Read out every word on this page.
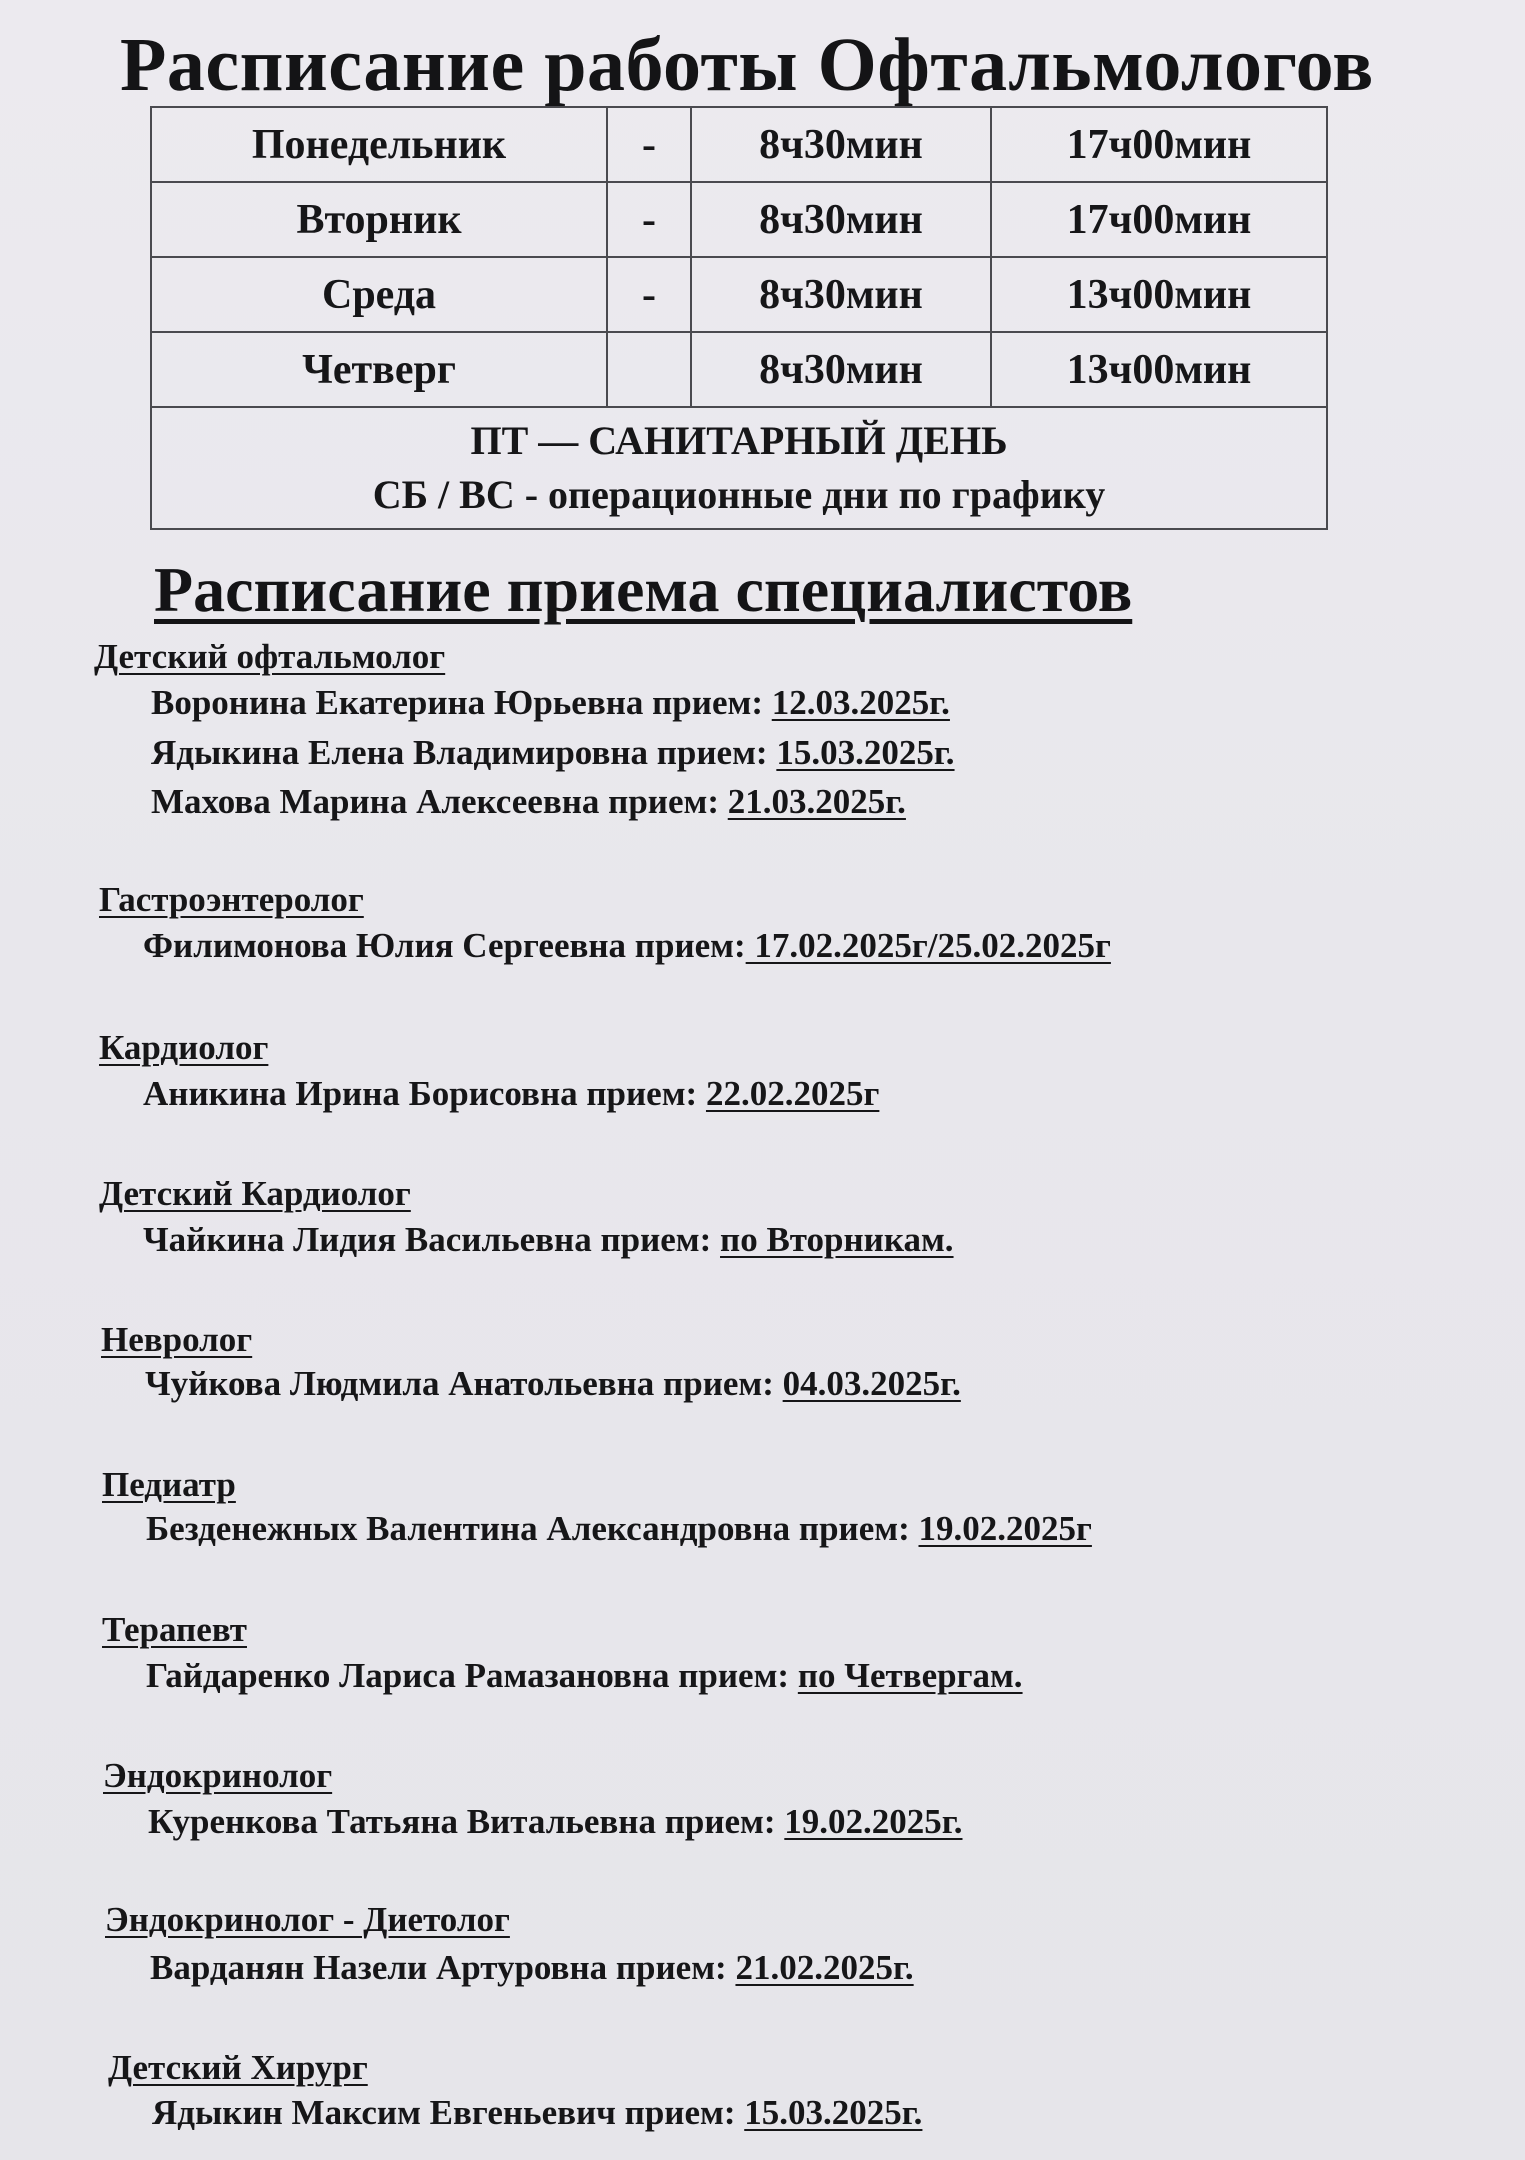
Расписание работы Офтальмологов
Понедельник	-	8ч30мин	17ч00мин
Вторник	-	8ч30мин	17ч00мин
Среда	-	8ч30мин	13ч00мин
Четверг		8ч30мин	13ч00мин

ПТ — САНИТАРНЫЙ ДЕНЬ
СБ / ВС - операционные дни по графику			
Расписание приема специалистов
Детский офтальмолог
Воронина Екатерина Юрьевна прием: 12.03.2025г.
Ядыкина Елена Владимировна прием: 15.03.2025г.
Махова Марина Алексеевна прием: 21.03.2025г.
Гастроэнтеролог
Филимонова Юлия Сергеевна прием: 17.02.2025г/25.02.2025г
Кардиолог
Аникина Ирина Борисовна прием: 22.02.2025г
Детский Кардиолог
Чайкина Лидия Васильевна прием: по Вторникам.
Невролог
Чуйкова Людмила Анатольевна прием: 04.03.2025г.
Педиатр
Безденежных Валентина Александровна прием: 19.02.2025г
Терапевт
Гайдаренко Лариса Рамазановна прием: по Четвергам.
Эндокринолог
Куренкова Татьяна Витальевна прием: 19.02.2025г.
Эндокринолог - Диетолог
Варданян Назели Артуровна прием: 21.02.2025г.
Детский Хирург
Ядыкин Максим Евгеньевич прием: 15.03.2025г.
